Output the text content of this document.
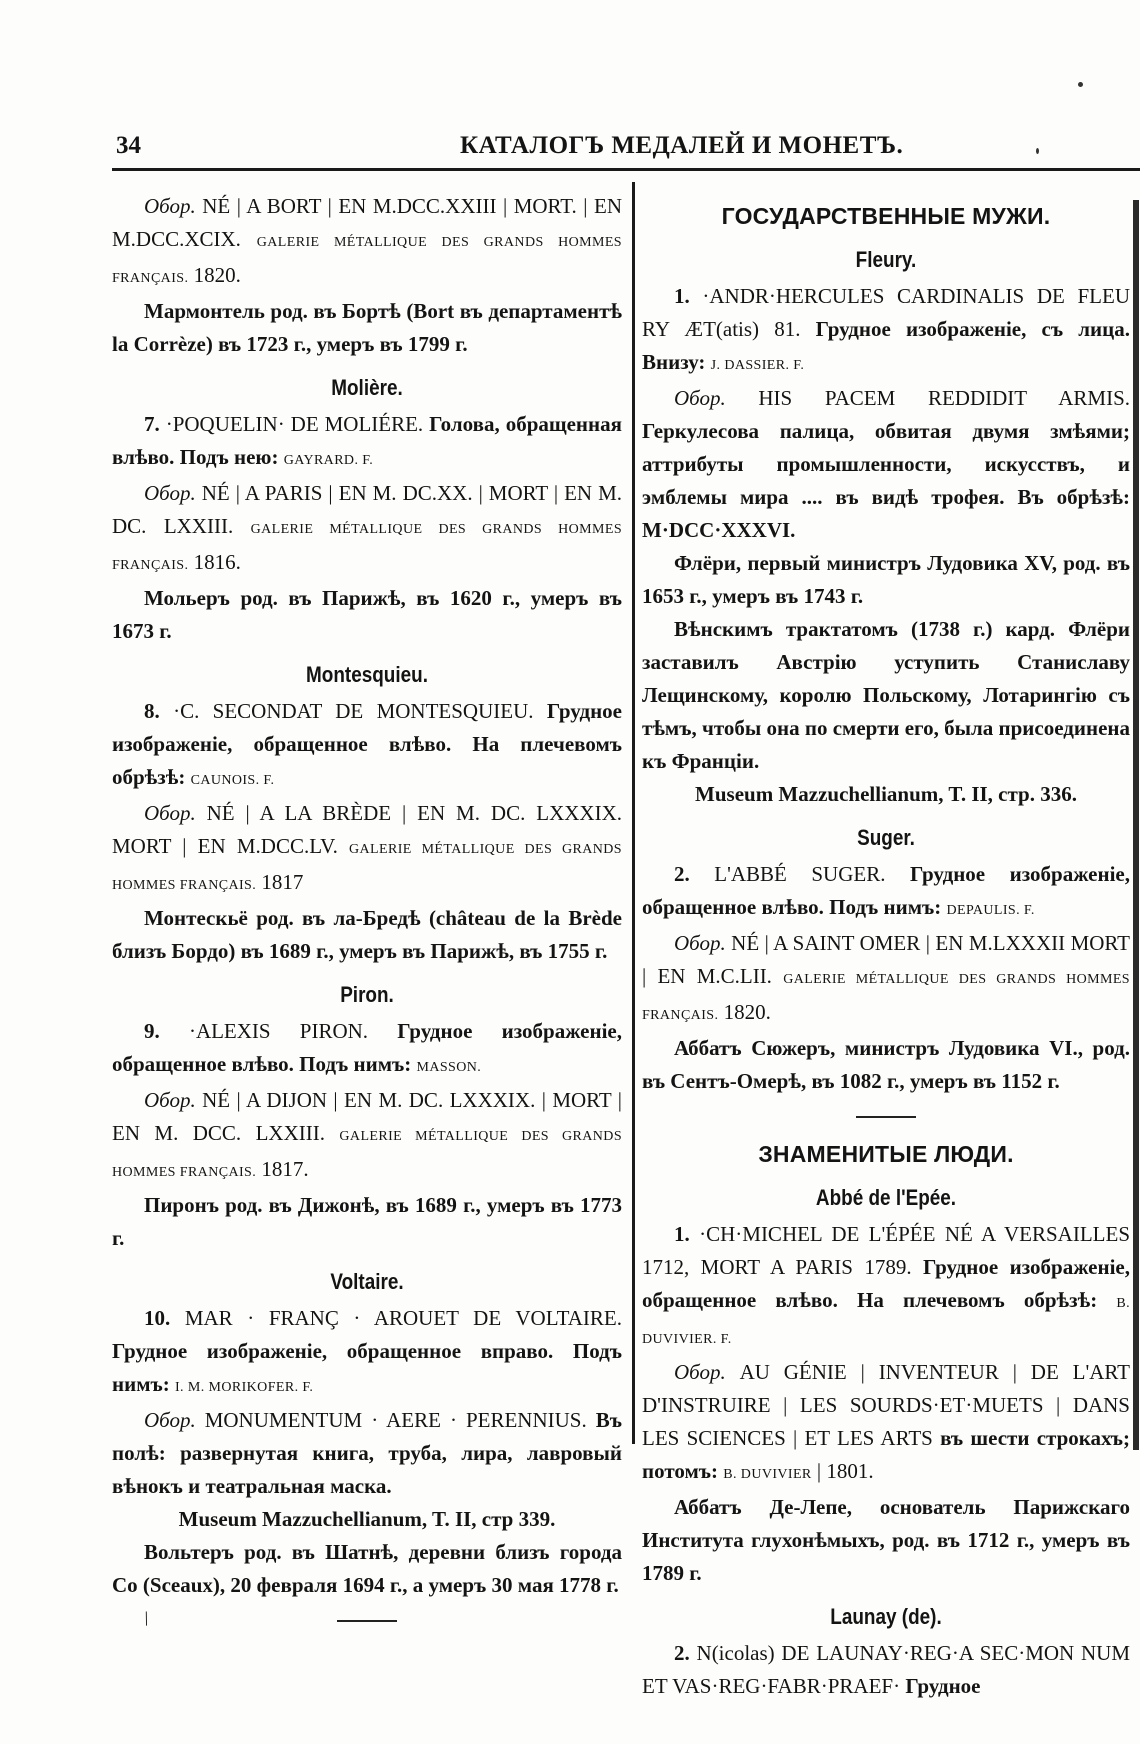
34	КАТАЛОГЪ МЕДАЛЕЙ И МОНЕТЪ.
/

Обор. NÉ | A BORT | EN M.DCC.XXIII | MORT. | EN M.DCC.XCIX. GALERIE MÉTALLIQUE DES GRANDS HOMMES FRANÇAIS. 1820.

Мармонтель род. въ Бортѣ (Bort въ департаментѣ la Corrèze) въ 1723 г., умеръ въ 1799 г.

Molière.

7. ·POQUELIN· DE MOLIÉRE. Голова, обращенная влѣво. Подъ нею: GAYRARD. F.

Обор. NÉ | A PARIS | EN M. DC.XX. | MORT | EN M. DC. LXXIII. GALERIE MÉTALLIQUE DES GRANDS HOMMES FRANÇAIS. 1816.

Мольеръ род. въ Парижѣ, въ 1620 г., умеръ въ 1673 г.

Montesquieu.

8. ·C. SECONDAT DE MONTESQUIEU. Грудное изображеніе, обращенное влѣво. На плечевомъ обрѣзѣ: CAUNOIS. F.

Обор. NÉ | A LA BRÈDE | EN M. DC. LXXXIX. MORT | EN M.DCC.LV. GALERIE MÉTALLIQUE DES GRANDS HOMMES FRANÇAIS. 1817

Монтескьё род. въ ла-Бредѣ (château de la Brède близъ Бордо) въ 1689 г., умеръ въ Парижѣ, въ 1755 г.

Piron.

9. ·ALEXIS PIRON. Грудное изображеніе, обращенное влѣво. Подъ нимъ: MASSON.

Обор. NÉ | A DIJON | EN M. DC. LXXXIX. | MORT | EN M. DCC. LXXIII. GALERIE MÉTALLIQUE DES GRANDS HOMMES FRANÇAIS. 1817.

Пиронъ род. въ Дижонѣ, въ 1689 г., умеръ въ 1773 г.

Voltaire.

10. MAR · FRANÇ · AROUET DE VOLTAIRE. Грудное изображеніе, обращенное вправо. Подъ нимъ: I. M. MORIKOFER. F.

Обор. MONUMENTUM · AERE · PERENNIUS. Въ полѣ: развернутая книга, труба, лира, лавровый вѣнокъ и театральная маска.

Museum Mazzuchellianum, T. II, стр 339.

Вольтеръ род. въ Шатнѣ, деревни близъ города Co (Sceaux), 20 февраля 1694 г., а умеръ 30 мая 1778 г.

ГОСУДАРСТВЕННЫЕ МУЖИ.
Fleury.

1. ·ANDR·HERCULES CARDINALIS DE FLEU RY ÆT(atis) 81. Грудное изображеніе, съ лица. Внизу: J. DASSIER. F.

Обор. HIS PACEM REDDIDIT ARMIS. Геркулесова палица, обвитая двумя змѣями; аттрибуты промышленности, искусствъ, и эмблемы мира .... въ видѣ трофея. Въ обрѣзѣ: M·DCC·XXXVI.

Флёри, первый министръ Лудовика XV, род. въ 1653 г., умеръ въ 1743 г.

Вѣнскимъ трактатомъ (1738 г.) кард. Флёри заставилъ Австрію уступить Станиславу Лещинскому, королю Польскому, Лотарингію съ тѣмъ, чтобы она по смерти его, была присоединена къ Франціи.

Museum Mazzuchellianum, T. II, стр. 336.

Suger.

2. L'ABBÉ SUGER. Грудное изображеніе, обращенное влѣво. Подъ нимъ: DEPAULIS. F.

Обор. NÉ | A SAINT OMER | EN M.LXXXII MORT | EN M.C.LII. GALERIE MÉTALLIQUE DES GRANDS HOMMES FRANÇAIS. 1820.

Аббатъ Сюжеръ, министръ Лудовика VI., род. въ Сентъ-Омерѣ, въ 1082 г., умеръ въ 1152 г.

ЗНАМЕНИТЫЕ ЛЮДИ.
Abbé de l'Epée.

1. ·CH·MICHEL DE L'ÉPÉE NÉ A VERSAILLES 1712, MORT A PARIS 1789. Грудное изображеніе, обращенное влѣво. На плечевомъ обрѣзѣ: B. DUVIVIER. F.

Обор. AU GÉNIE | INVENTEUR | DE L'ART D'INSTRUIRE | LES SOURDS·ET·MUETS | DANS LES SCIENCES | ET LES ARTS въ шести строкахъ; потомъ: B. DUVIVIER | 1801.

Аббатъ Де-Лепе, основатель Парижскаго Института глухонѣмыхъ, род. въ 1712 г., умеръ въ 1789 г.

Launay (de).

2. N(icolas) DE LAUNAY·REG·A SEC·MON NUM ET VAS·REG·FABR·PRAEF· Грудное
